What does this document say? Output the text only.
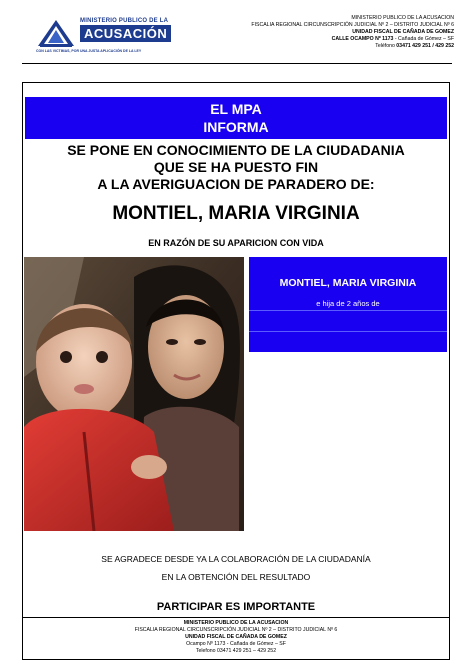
MINISTERIO PUBLICO DE LA
ACUSACIÓN
CON LAS VICTIMAS, POR UNA JUSTA APLICACIÓN DE LA LEY
MINISTERIO PUBLICO DE LA ACUSACION
FISCALIA REGIONAL CIRCUNSCRIPCIÓN JUDICIAL Nº 2 – DISTRITO JUDICIAL Nº 6
UNIDAD FISCAL DE CAÑADA DE GOMEZ
CALLE OCAMPO Nº 1173 - Cañada de Gómez – SF
Teléfono 03471 429 251 / 429 252
EL MPA
INFORMA
SE PONE EN CONOCIMIENTO DE LA CIUDADANIA
QUE SE HA PUESTO FIN
A LA AVERIGUACION DE PARADERO DE:
MONTIEL, MARIA VIRGINIA
EN RAZÓN DE SU APARICION CON VIDA
MONTIEL, MARIA VIRGINIA
e hija de 2 años de
SE AGRADECE DESDE YA LA COLABORACIÓN DE LA CIUDADANÍA
EN LA OBTENCIÓN DEL RESULTADO
PARTICIPAR ES IMPORTANTE
MINISTERIO PUBLICO DE LA ACUSACION
FISCALIA REGIONAL CIRCUNSCRIPCIÓN JUDICIAL Nº 2 – DISTRITO JUDICIAL Nº 6
UNIDAD FISCAL DE CAÑADA DE GOMEZ
Ocampo Nº 1173 - Cañada de Gómez – SF
Telefono 03471 429 251 – 429 252
